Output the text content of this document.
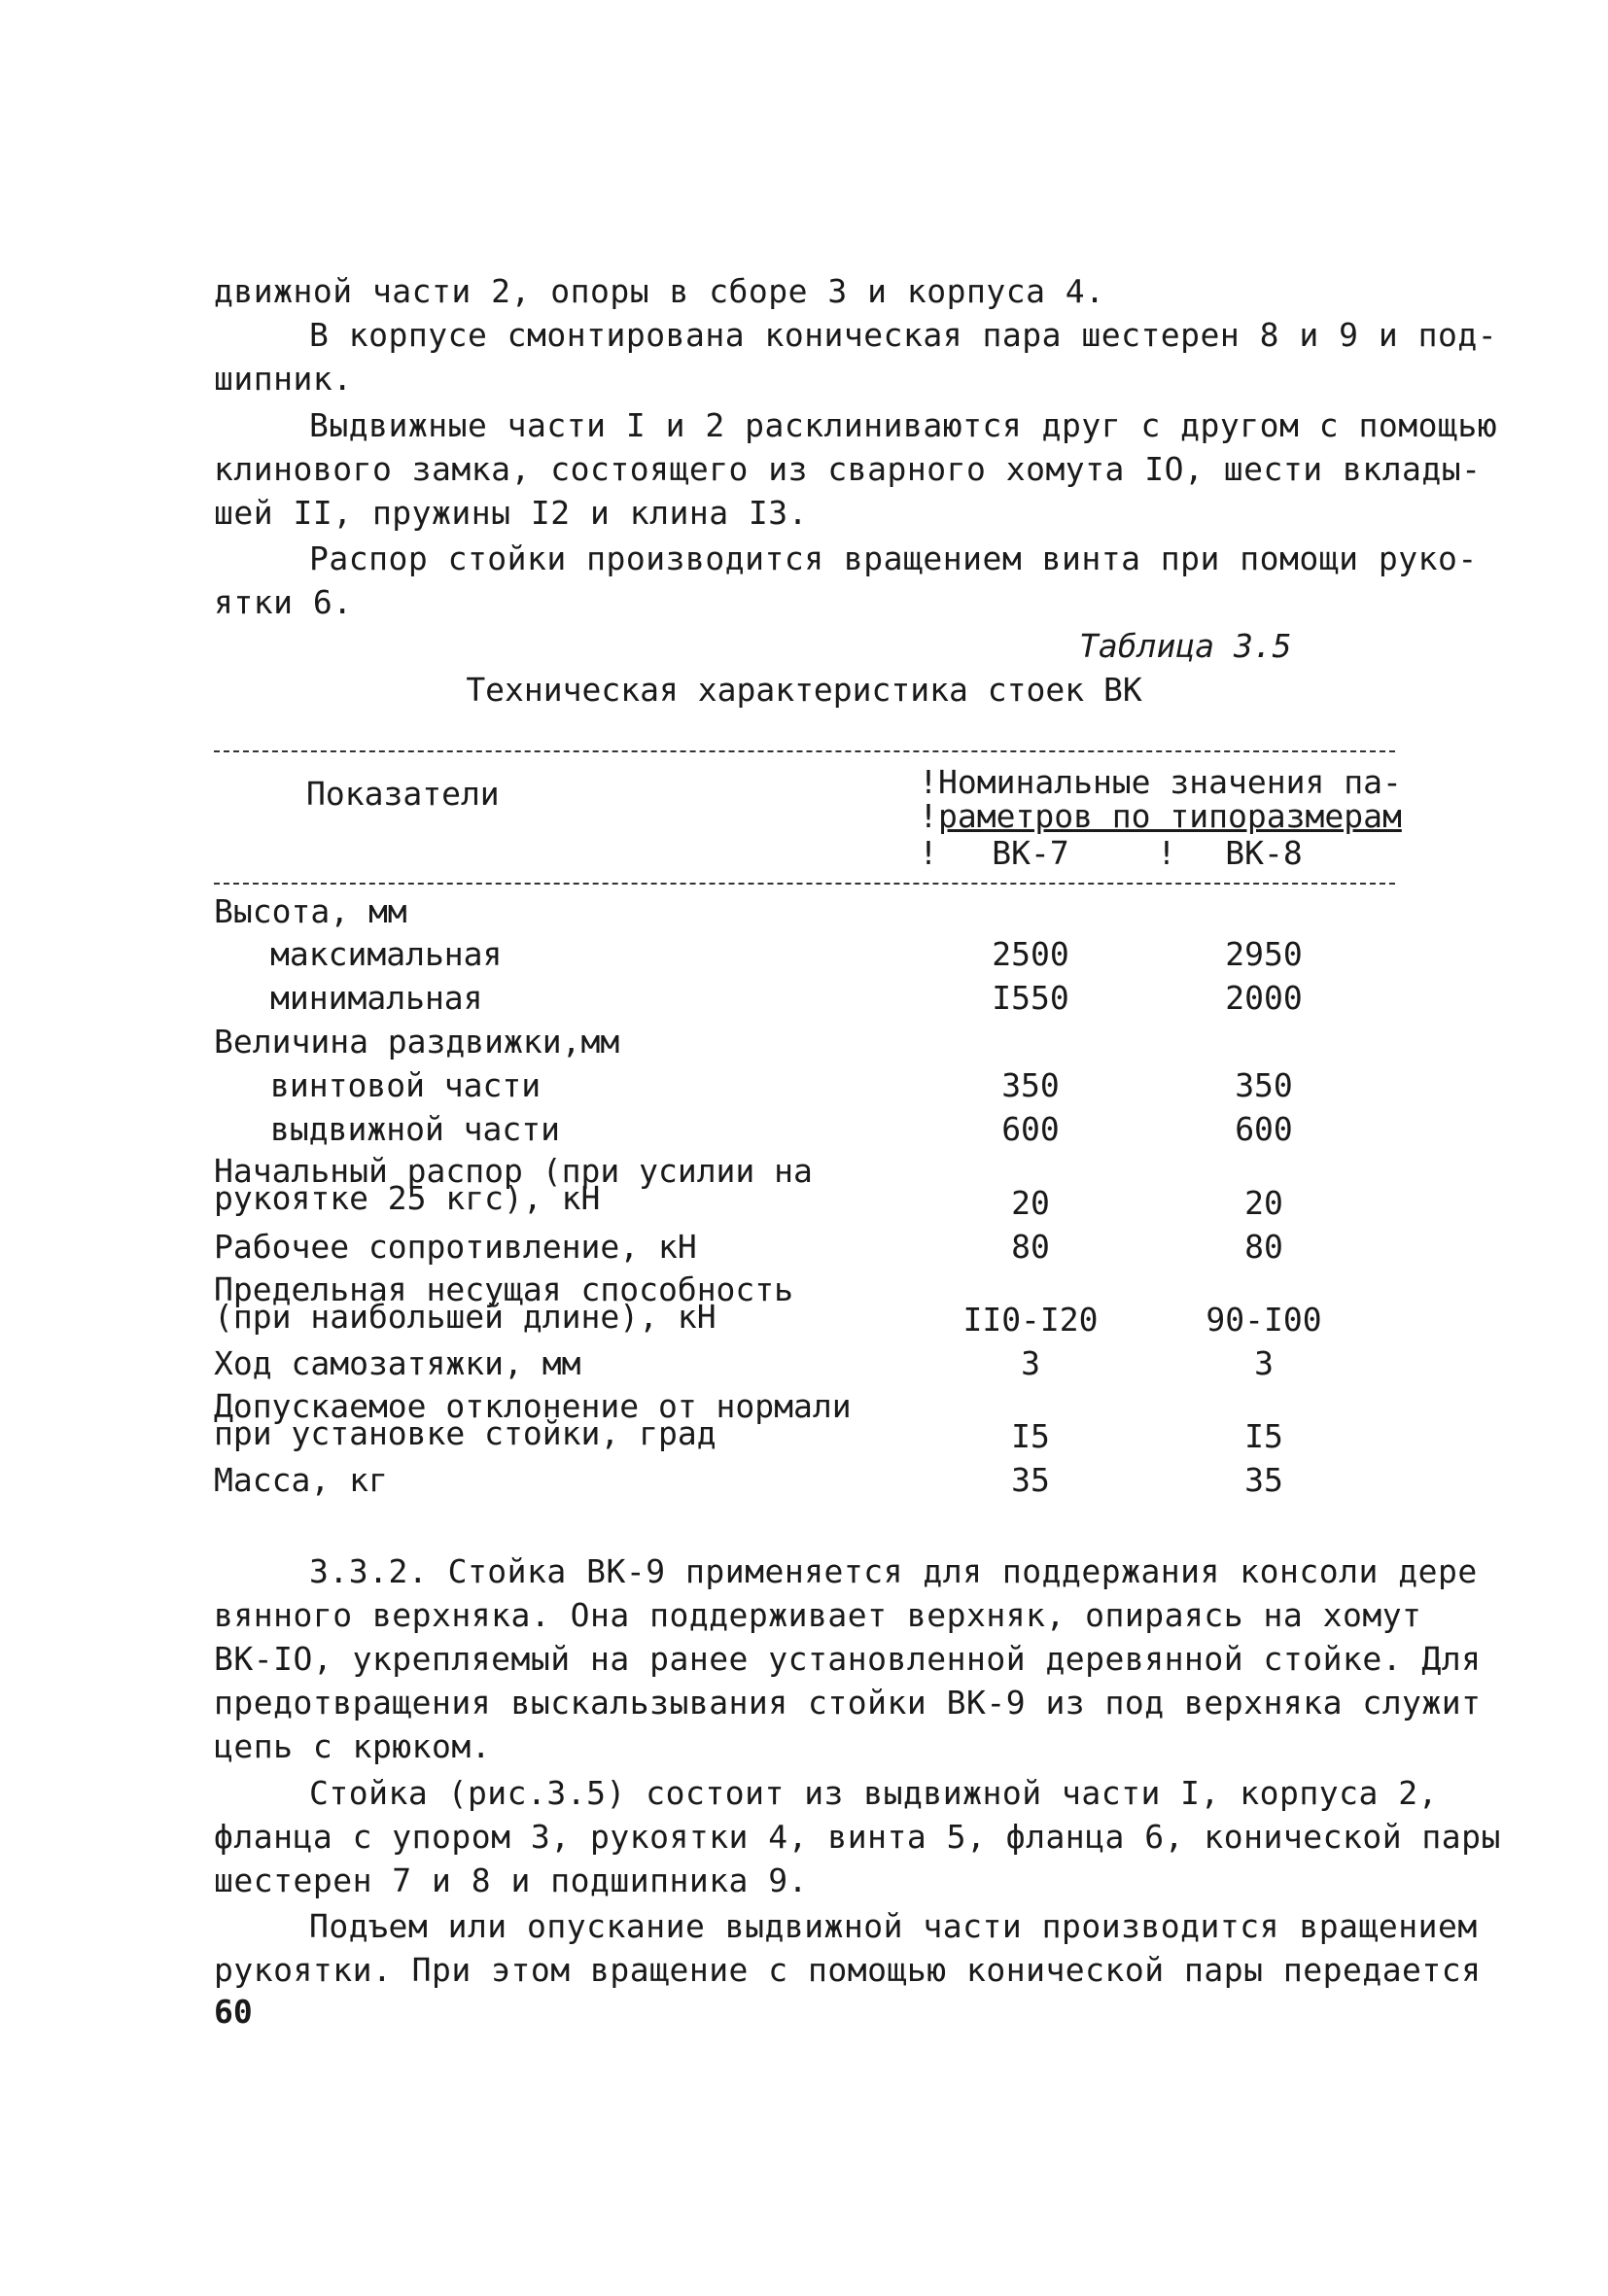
движной части 2, опоры в сборе 3 и корпуса 4.
В корпусе смонтирована коническая пара шестерен 8 и 9 и под-
шипник.
Выдвижные части I и 2 расклиниваются друг с другом с помощью
клинового замка, состоящего из сварного хомута IO, шести вклады-
шей II, пружины I2 и клина I3.
Распор стойки производится вращением винта при помощи руко-
ятки 6.
Таблица 3.5
Техническая характеристика стоек ВК
Показатели	! Номинальные значения па-
! раметров по типоразмерам
!	ВК-7	!	ВК-8
Высота, мм
максимальная	2500	2950
минимальная	I550	2000
Величина раздвижки,мм
винтовой части	350	350
выдвижной части	600	600
Начальный распор (при усилии на
рукоятке 25 кгс), кН	20	20
Рабочее сопротивление, кН	80	80
Предельная несущая способность
(при наибольшей длине), кН	II0-I20	90-I00
Ход самозатяжки, мм	3	3
Допускаемое отклонение от нормали
при установке стойки, град	I5	I5
Масса, кг	35	35
3.3.2. Стойка ВК-9 применяется для поддержания консоли дере
вянного верхняка. Она поддерживает верхняк, опираясь на хомут
ВК-IO, укрепляемый на ранее установленной деревянной стойке. Для
предотвращения выскальзывания стойки ВК-9 из под верхняка служит
цепь с крюком.
Стойка (рис.3.5) состоит из выдвижной части I, корпуса 2,
фланца с упором 3, рукоятки 4, винта 5, фланца 6, конической пары
шестерен 7 и 8 и подшипника 9.
Подъем или опускание выдвижной части производится вращением
рукоятки. При этом вращение с помощью конической пары передается
60
